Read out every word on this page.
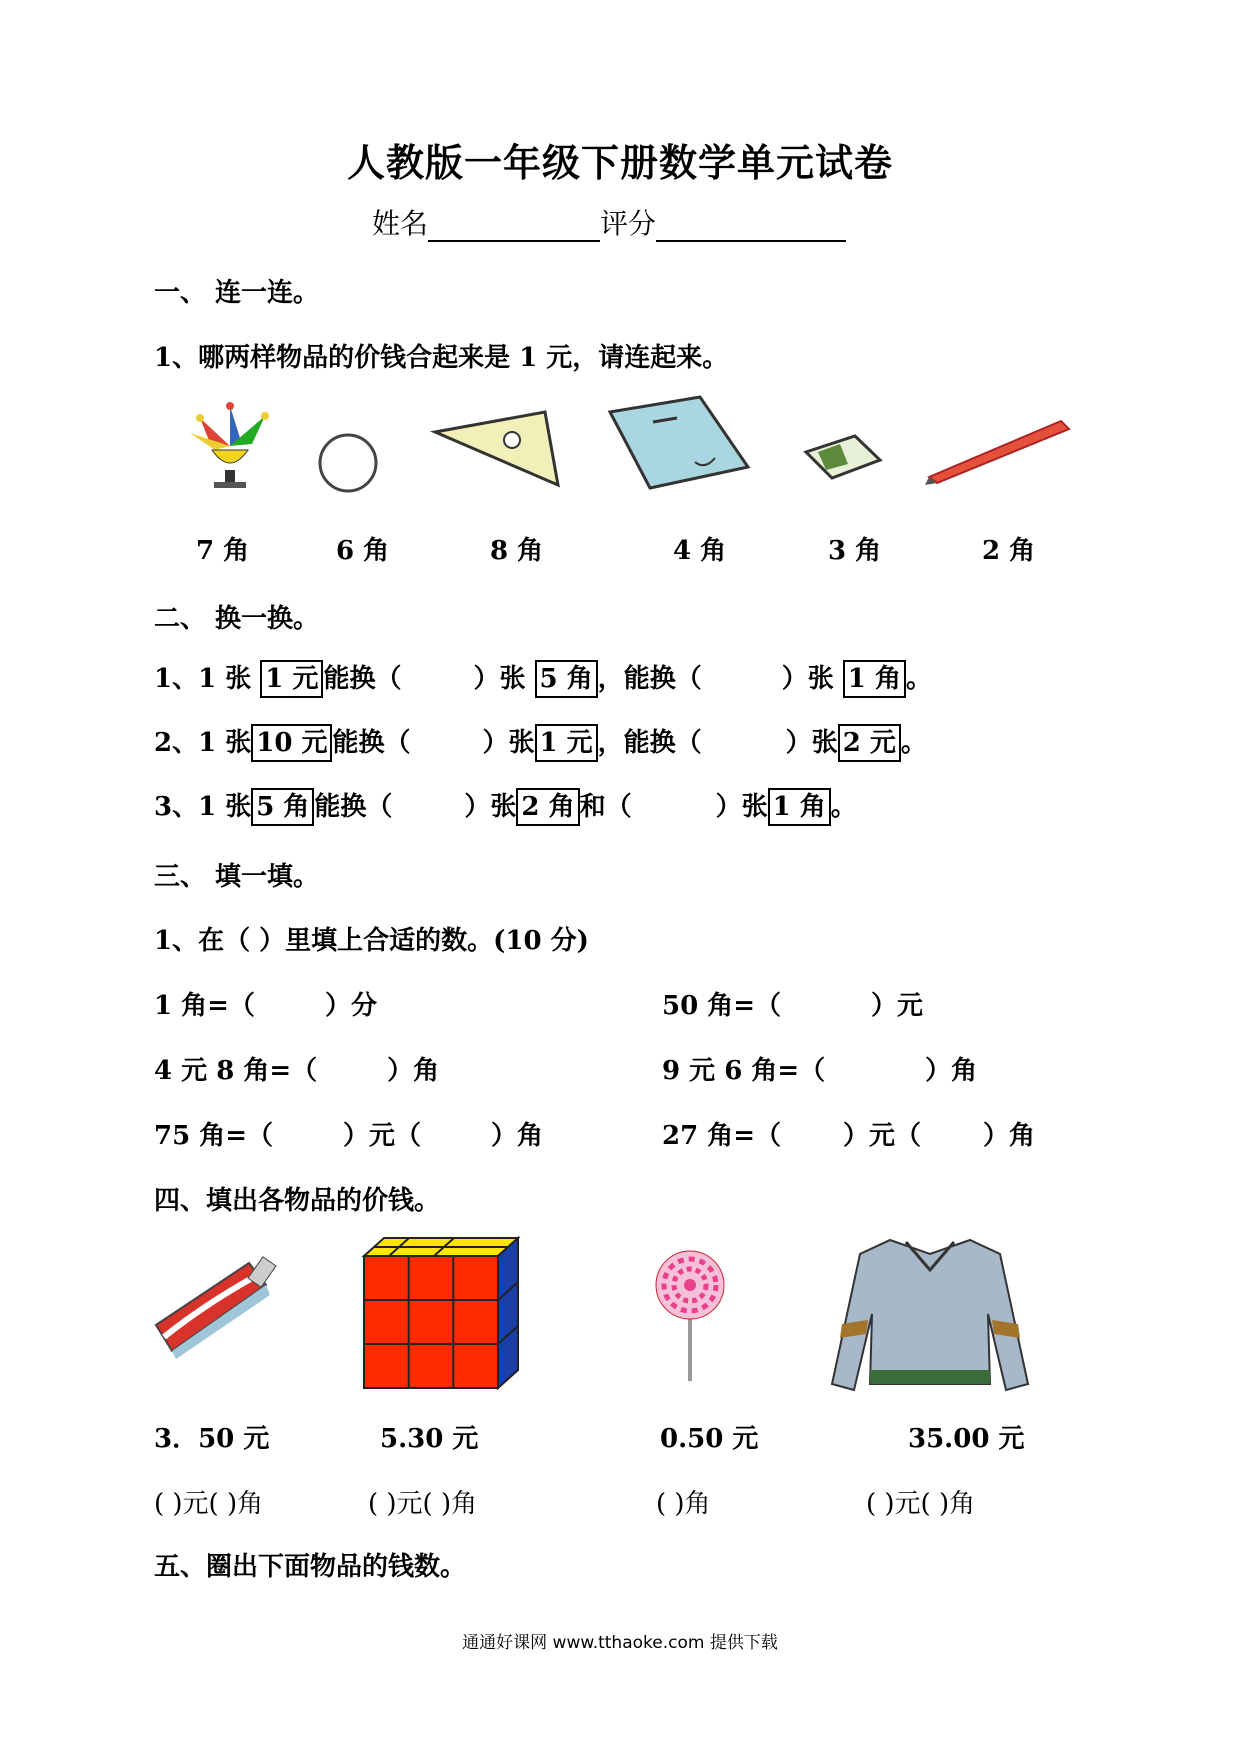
人教版一年级下册数学单元试卷
姓名	评分
一、 连一连。
1、哪两样物品的价钱合起来是 1 元，请连起来。
7 角	6 角	8 角	4 角	3 角	2 角
二、 换一换。
1、1 张 1 元 能换（	）张 5 角 ，能换（	）张 1 角 。
2、1 张 10 元 能换（	）张 1 元 ，能换（	）张 2 元 。
3、1 张 5 角 能换（	）张 2 角 和（	）张 1 角 。
三、 填一填。
1、在（ ）里填上合适的数。(10 分)
1 角=（	）分	50 角=（	）元
4 元 8 角=（	）角	9 元 6 角=（	）角
75 角=（	）元（	）角	27 角=（ ）元（ ）角
四、填出各物品的价钱。
3．50 元	5.30 元	0.50 元	35.00 元
( )元( )角	( )元( )角	( )角	( )元( )角
五、圈出下面物品的钱数。
通通好课网 www.tthaoke.com 提供下载
